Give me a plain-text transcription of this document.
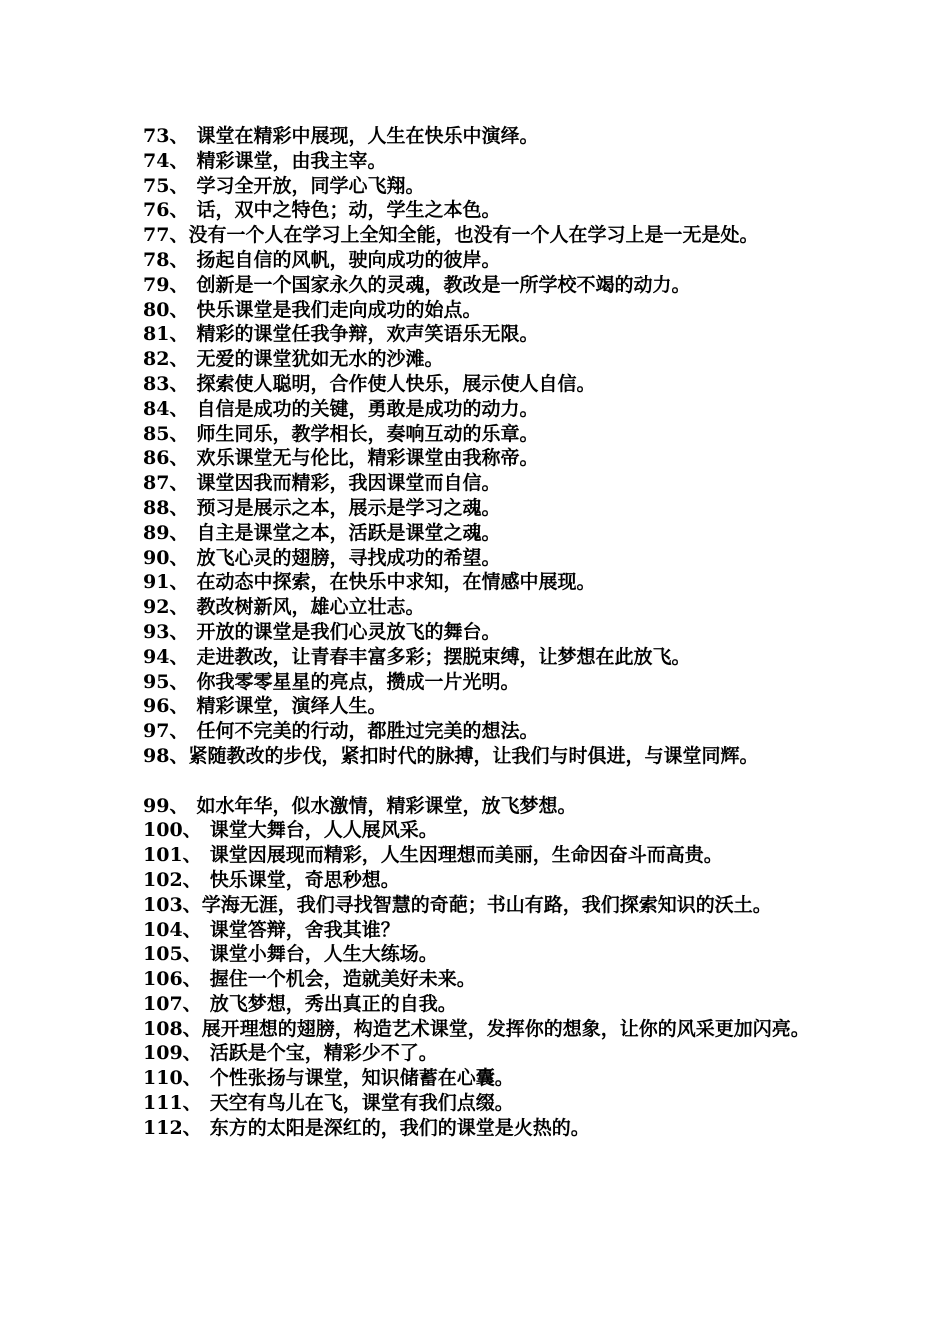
73、 课堂在精彩中展现，人生在快乐中演绎。
74、 精彩课堂，由我主宰。
75、 学习全开放，同学心飞翔。
76、 话，双中之特色；动，学生之本色。
77、没有一个人在学习上全知全能，也没有一个人在学习上是一无是处。
78、 扬起自信的风帆，驶向成功的彼岸。
79、 创新是一个国家永久的灵魂，教改是一所学校不竭的动力。
80、 快乐课堂是我们走向成功的始点。
81、 精彩的课堂任我争辩，欢声笑语乐无限。
82、 无爱的课堂犹如无水的沙滩。
83、 探索使人聪明，合作使人快乐，展示使人自信。
84、 自信是成功的关键，勇敢是成功的动力。
85、 师生同乐，教学相长，奏响互动的乐章。
86、 欢乐课堂无与伦比，精彩课堂由我称帝。
87、 课堂因我而精彩，我因课堂而自信。
88、 预习是展示之本，展示是学习之魂。
89、 自主是课堂之本，活跃是课堂之魂。
90、 放飞心灵的翅膀，寻找成功的希望。
91、 在动态中探索，在快乐中求知，在情感中展现。
92、 教改树新风，雄心立壮志。
93、 开放的课堂是我们心灵放飞的舞台。
94、 走进教改，让青春丰富多彩；摆脱束缚，让梦想在此放飞。
95、 你我零零星星的亮点，攒成一片光明。
96、 精彩课堂，演绎人生。
97、 任何不完美的行动，都胜过完美的想法。
98、紧随教改的步伐，紧扣时代的脉搏，让我们与时俱进，与课堂同辉。
99、 如水年华，似水激情，精彩课堂，放飞梦想。
100、 课堂大舞台，人人展风采。
101、 课堂因展现而精彩，人生因理想而美丽，生命因奋斗而高贵。
102、 快乐课堂，奇思秒想。
103、学海无涯，我们寻找智慧的奇葩；书山有路，我们探索知识的沃土。
104、 课堂答辩，舍我其谁？
105、 课堂小舞台，人生大练场。
106、 握住一个机会，造就美好未来。
107、 放飞梦想，秀出真正的自我。
108、展开理想的翅膀，构造艺术课堂，发挥你的想象，让你的风采更加闪亮。
109、 活跃是个宝，精彩少不了。
110、 个性张扬与课堂，知识储蓄在心囊。
111、 天空有鸟儿在飞，课堂有我们点缀。
112、 东方的太阳是深红的，我们的课堂是火热的。
